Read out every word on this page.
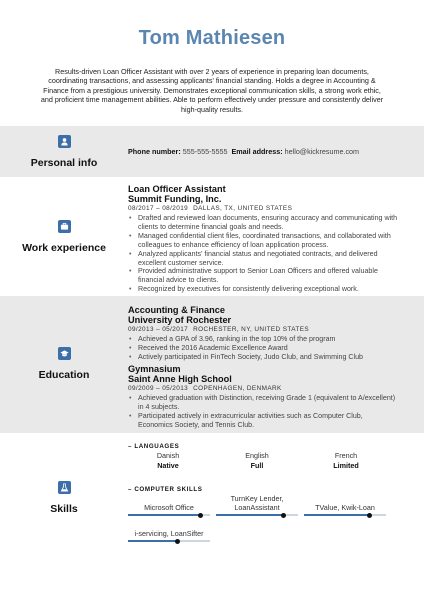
Tom Mathiesen
Results-driven Loan Officer Assistant with over 2 years of experience in preparing loan documents, coordinating transactions, and assessing applicants' financial standing. Holds a degree in Accounting & Finance from a prestigious university. Demonstrates exceptional communication skills, a strong work ethic, and proficient time management abilities. Able to perform effectively under pressure and consistently deliver high-quality results.
Personal info
Phone number: 555-555-5555 Email address: hello@kickresume.com
Work experience
Loan Officer Assistant
Summit Funding, Inc.
08/2017 – 08/2019 DALLAS, TX, UNITED STATES
• Drafted and reviewed loan documents, ensuring accuracy and communicating with clients to determine financial goals and needs.
• Managed confidential client files, coordinated transactions, and collaborated with colleagues to enhance efficiency of loan application process.
• Analyzed applicants' financial status and negotiated contracts, and delivered excellent customer service.
• Provided administrative support to Senior Loan Officers and offered valuable financial advice to clients.
• Recognized by executives for consistently delivering exceptional work.
Education
Accounting & Finance
University of Rochester
09/2013 – 05/2017 ROCHESTER, NY, UNITED STATES
• Achieved a GPA of 3.96, ranking in the top 10% of the program
• Received the 2016 Academic Excellence Award
• Actively participated in FinTech Society, Judo Club, and Swimming Club
Gymnasium
Saint Anne High School
09/2009 – 05/2013 COPENHAGEN, DENMARK
• Achieved graduation with Distinction, receiving Grade 1 (equivalent to A/excellent) in 4 subjects.
• Participated actively in extracurricular activities such as Computer Club, Economics Society, and Tennis Club.
Skills
– LANGUAGES
Danish
Native
English
Full
French
Limited
– COMPUTER SKILLS
Microsoft Office
TurnKey Lender, LoanAssistant	TValue, Kwik-Loan
i-servicing, LoanSifter
